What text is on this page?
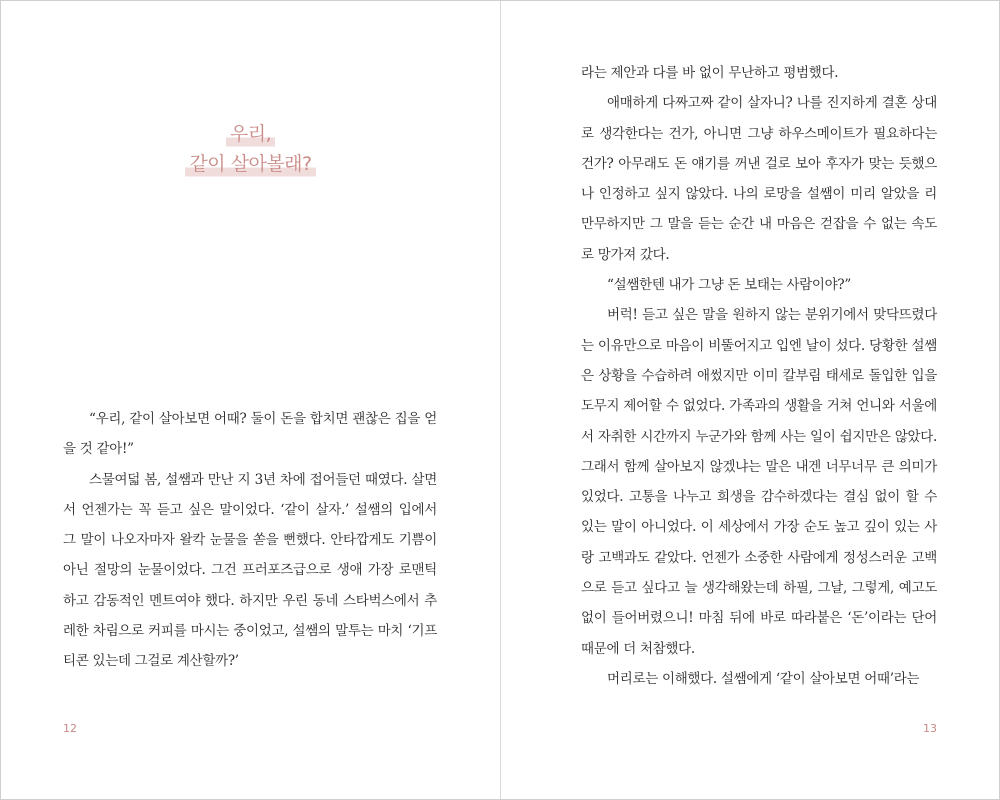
우리,
같이 살아볼래?

“우리, 같이 살아보면 어때? 둘이 돈을 합치면 괜찮은 집을 얻을 것 같아!”

스물여덟 봄, 설쌤과 만난 지 3년 차에 접어들던 때였다. 살면서 언젠가는 꼭 듣고 싶은 말이었다. ‘같이 살자.’ 설쌤의 입에서 그 말이 나오자마자 왈칵 눈물을 쏟을 뻔했다. 안타깝게도 기쁨이 아닌 절망의 눈물이었다. 그건 프러포즈급으로 생애 가장 로맨틱하고 감동적인 멘트여야 했다. 하지만 우린 동네 스타벅스에서 추레한 차림으로 커피를 마시는 중이었고, 설쌤의 말투는 마치 ‘기프티콘 있는데 그걸로 계산할까?’

12

라는 제안과 다를 바 없이 무난하고 평범했다.

애매하게 다짜고짜 같이 살자니? 나를 진지하게 결혼 상대로 생각한다는 건가, 아니면 그냥 하우스메이트가 필요하다는 건가? 아무래도 돈 얘기를 꺼낸 걸로 보아 후자가 맞는 듯했으나 인정하고 싶지 않았다. 나의 로망을 설쌤이 미리 알았을 리 만무하지만 그 말을 듣는 순간 내 마음은 걷잡을 수 없는 속도로 망가져 갔다.

“설쌤한텐 내가 그냥 돈 보태는 사람이야?”

버럭! 듣고 싶은 말을 원하지 않는 분위기에서 맞닥뜨렸다는 이유만으로 마음이 비뚤어지고 입엔 날이 섰다. 당황한 설쌤은 상황을 수습하려 애썼지만 이미 칼부림 태세로 돌입한 입을 도무지 제어할 수 없었다. 가족과의 생활을 거쳐 언니와 서울에서 자취한 시간까지 누군가와 함께 사는 일이 쉽지만은 않았다. 그래서 함께 살아보지 않겠냐는 말은 내겐 너무너무 큰 의미가 있었다. 고통을 나누고 희생을 감수하겠다는 결심 없이 할 수 있는 말이 아니었다. 이 세상에서 가장 순도 높고 깊이 있는 사랑 고백과도 같았다. 언젠가 소중한 사람에게 정성스러운 고백으로 듣고 싶다고 늘 생각해왔는데 하필, 그날, 그렇게, 예고도 없이 들어버렸으니! 마침 뒤에 바로 따라붙은 ‘돈’이라는 단어 때문에 더 처참했다.

머리로는 이해했다. 설쌤에게 ‘같이 살아보면 어때’라는

13
